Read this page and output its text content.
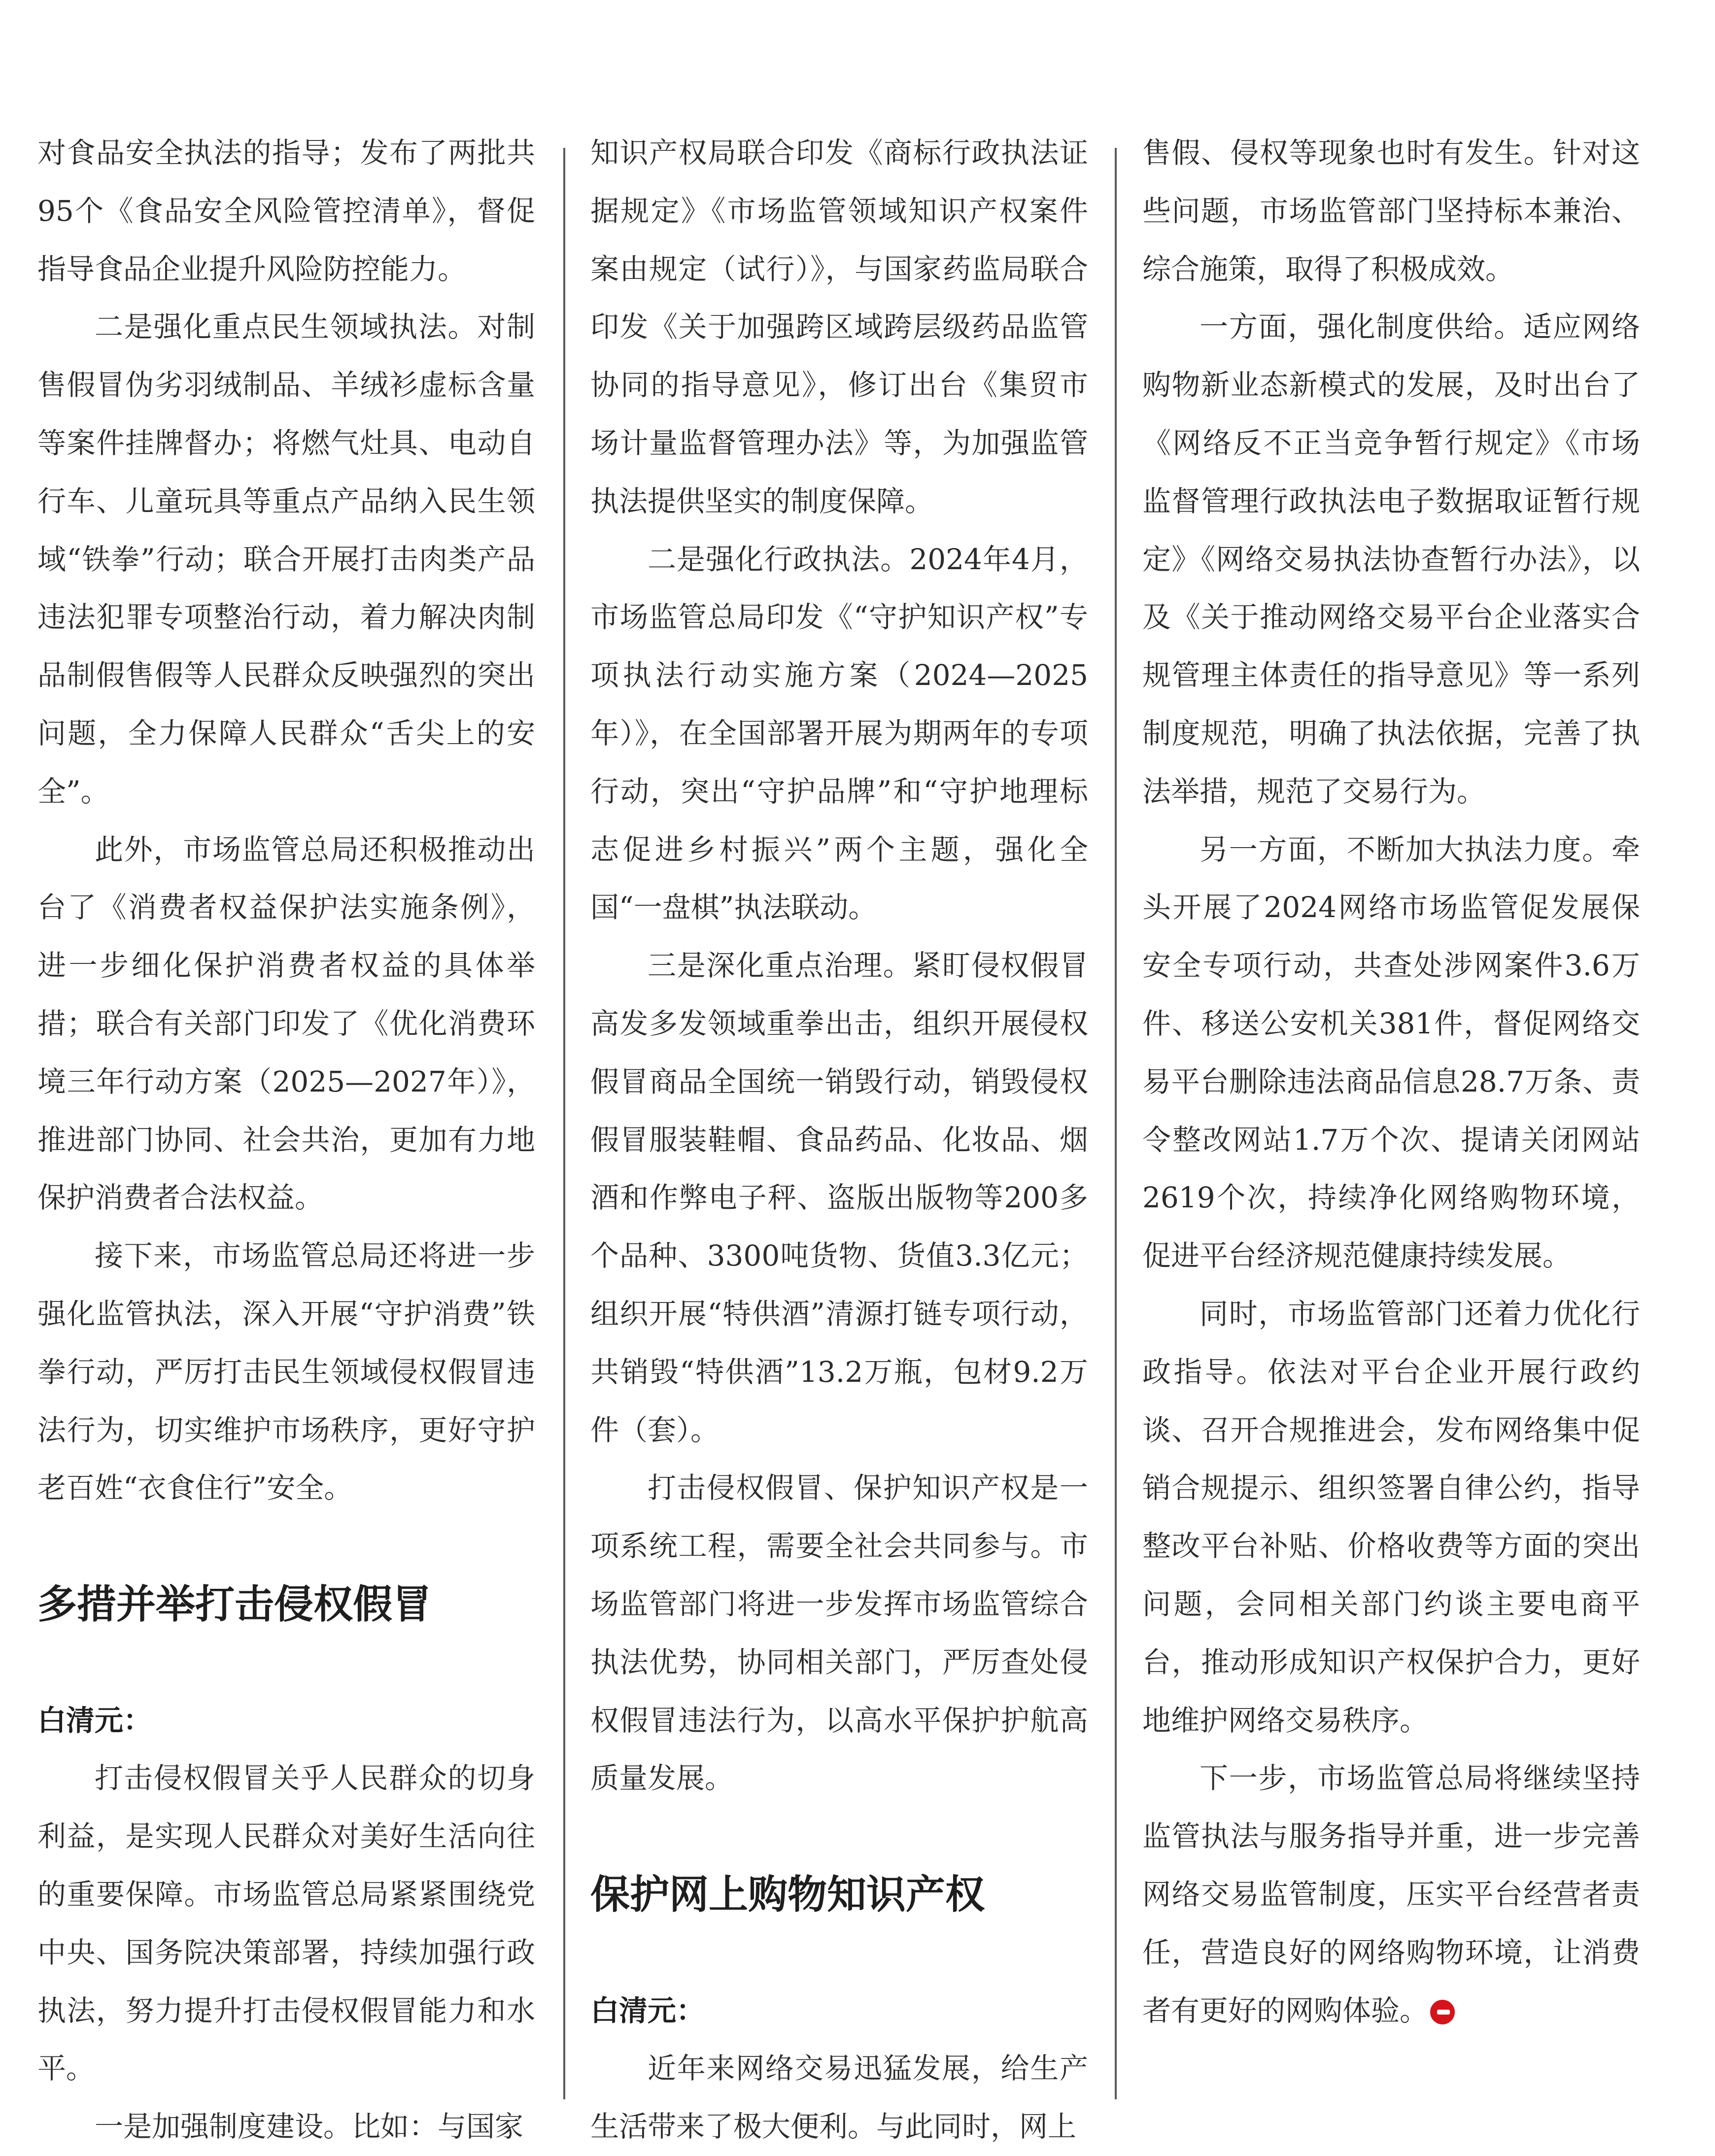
对食品安全执法的指导；发布了两批共95个《食品安全风险管控清单》，督促指导食品企业提升风险防控能力。

二是强化重点民生领域执法。对制售假冒伪劣羽绒制品、羊绒衫虚标含量等案件挂牌督办；将燃气灶具、电动自行车、儿童玩具等重点产品纳入民生领域“铁拳”行动；联合开展打击肉类产品违法犯罪专项整治行动，着力解决肉制品制假售假等人民群众反映强烈的突出问题，全力保障人民群众“舌尖上的安全”。

此外，市场监管总局还积极推动出台了《消费者权益保护法实施条例》，进一步细化保护消费者权益的具体举措；联合有关部门印发了《优化消费环境三年行动方案（2025—2027年）》，推进部门协同、社会共治，更加有力地保护消费者合法权益。

接下来，市场监管总局还将进一步强化监管执法，深入开展“守护消费”铁拳行动，严厉打击民生领域侵权假冒违法行为，切实维护市场秩序，更好守护老百姓“衣食住行”安全。

多措并举打击侵权假冒

白清元：

打击侵权假冒关乎人民群众的切身利益，是实现人民群众对美好生活向往的重要保障。市场监管总局紧紧围绕党中央、国务院决策部署，持续加强行政执法，努力提升打击侵权假冒能力和水平。

一是加强制度建设。比如：与国家

知识产权局联合印发《商标行政执法证据规定》《市场监管领域知识产权案件案由规定（试行）》，与国家药监局联合印发《关于加强跨区域跨层级药品监管协同的指导意见》，修订出台《集贸市场计量监督管理办法》等，为加强监管执法提供坚实的制度保障。

二是强化行政执法。2024年4月，市场监管总局印发《“守护知识产权”专项执法行动实施方案（2024—2025年）》，在全国部署开展为期两年的专项行动，突出“守护品牌”和“守护地理标志促进乡村振兴”两个主题，强化全国“一盘棋”执法联动。

三是深化重点治理。紧盯侵权假冒高发多发领域重拳出击，组织开展侵权假冒商品全国统一销毁行动，销毁侵权假冒服装鞋帽、食品药品、化妆品、烟酒和作弊电子秤、盗版出版物等200多个品种、3300吨货物、货值3.3亿元；组织开展“特供酒”清源打链专项行动，共销毁“特供酒”13.2万瓶，包材9.2万件（套）。

打击侵权假冒、保护知识产权是一项系统工程，需要全社会共同参与。市场监管部门将进一步发挥市场监管综合执法优势，协同相关部门，严厉查处侵权假冒违法行为，以高水平保护护航高质量发展。

保护网上购物知识产权

白清元：

近年来网络交易迅猛发展，给生产生活带来了极大便利。与此同时，网上

售假、侵权等现象也时有发生。针对这些问题，市场监管部门坚持标本兼治、综合施策，取得了积极成效。

一方面，强化制度供给。适应网络购物新业态新模式的发展，及时出台了《网络反不正当竞争暂行规定》《市场监督管理行政执法电子数据取证暂行规定》《网络交易执法协查暂行办法》，以及《关于推动网络交易平台企业落实合规管理主体责任的指导意见》等一系列制度规范，明确了执法依据，完善了执法举措，规范了交易行为。

另一方面，不断加大执法力度。牵头开展了2024网络市场监管促发展保安全专项行动，共查处涉网案件3.6万件、移送公安机关381件，督促网络交易平台删除违法商品信息28.7万条、责令整改网站1.7万个次、提请关闭网站2619个次，持续净化网络购物环境，促进平台经济规范健康持续发展。

同时，市场监管部门还着力优化行政指导。依法对平台企业开展行政约谈、召开合规推进会，发布网络集中促销合规提示、组织签署自律公约，指导整改平台补贴、价格收费等方面的突出问题，会同相关部门约谈主要电商平台，推动形成知识产权保护合力，更好地维护网络交易秩序。

下一步，市场监管总局将继续坚持监管执法与服务指导并重，进一步完善网络交易监管制度，压实平台经营者责任，营造良好的网络购物环境，让消费者有更好的网购体验。
